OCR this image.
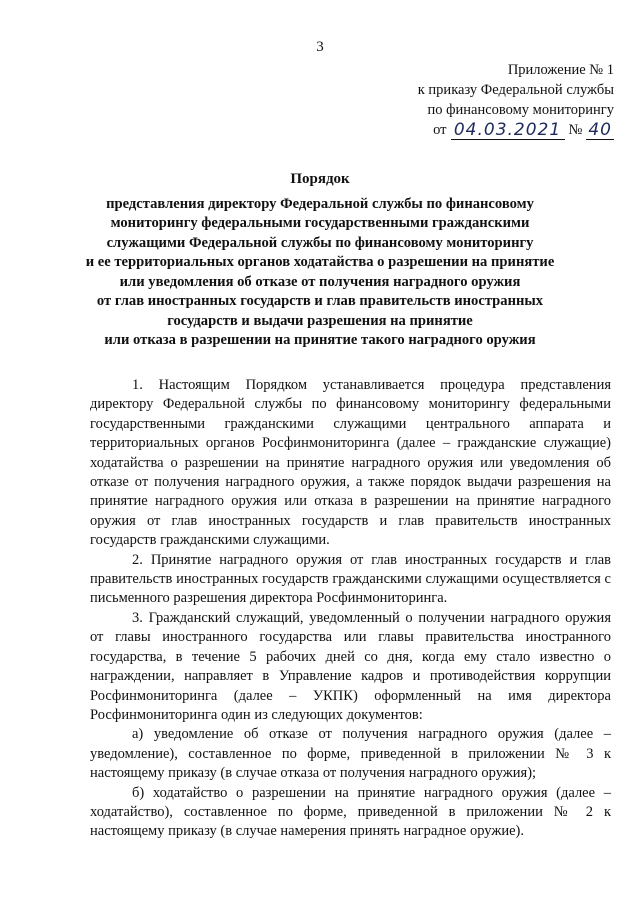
3
Приложение № 1
к приказу Федеральной службы
по финансовому мониторингу
от 04.03.2021 № 40
Порядок
представления директору Федеральной службы по финансовому
мониторингу федеральными государственными гражданскими
служащими Федеральной службы по финансовому мониторингу
и ее территориальных органов ходатайства о разрешении на принятие
или уведомления об отказе от получения наградного оружия
от глав иностранных государств и глав правительств иностранных
государств и выдачи разрешения на принятие
или отказа в разрешении на принятие такого наградного оружия

1. Настоящим Порядком устанавливается процедура представления директору Федеральной службы по финансовому мониторингу федеральными государственными гражданскими служащими центрального аппарата и территориальных органов Росфинмониторинга (далее – гражданские служащие) ходатайства о разрешении на принятие наградного оружия или уведомления об отказе от получения наградного оружия, а также порядок выдачи разрешения на принятие наградного оружия или отказа в разрешении на принятие наградного оружия от глав иностранных государств и глав правительств иностранных государств гражданскими служащими.

2. Принятие наградного оружия от глав иностранных государств и глав правительств иностранных государств гражданскими служащими осуществляется с письменного разрешения директора Росфинмониторинга.

3. Гражданский служащий, уведомленный о получении наградного оружия от главы иностранного государства или главы правительства иностранного государства, в течение 5 рабочих дней со дня, когда ему стало известно о награждении, направляет в Управление кадров и противодействия коррупции Росфинмониторинга (далее – УКПК) оформленный на имя директора Росфинмониторинга один из следующих документов:

а) уведомление об отказе от получения наградного оружия (далее – уведомление), составленное по форме, приведенной в приложении № 3 к настоящему приказу (в случае отказа от получения наградного оружия);

б) ходатайство о разрешении на принятие наградного оружия (далее – ходатайство), составленное по форме, приведенной в приложении № 2 к настоящему приказу (в случае намерения принять наградное оружие).
